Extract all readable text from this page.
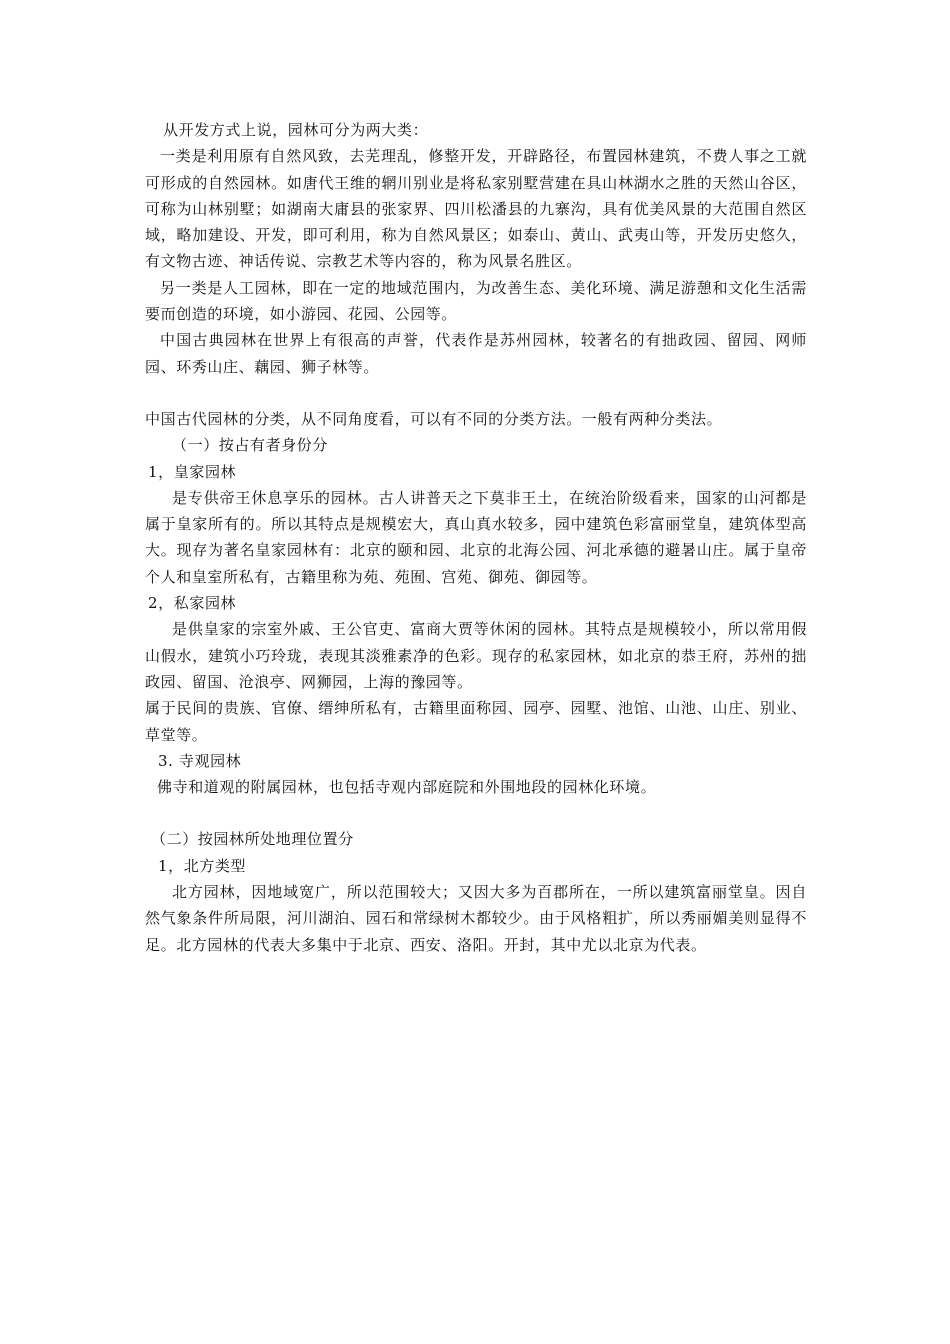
从开发方式上说，园林可分为两大类：

一类是利用原有自然风致，去芜理乱，修整开发，开辟路径，布置园林建筑，不费人事之工就可形成的自然园林。如唐代王维的辋川别业是将私家别墅营建在具山林湖水之胜的天然山谷区，可称为山林别墅；如湖南大庸县的张家界、四川松潘县的九寨沟，具有优美风景的大范围自然区域，略加建设、开发，即可利用，称为自然风景区；如泰山、黄山、武夷山等，开发历史悠久，有文物古迹、神话传说、宗教艺术等内容的，称为风景名胜区。

另一类是人工园林，即在一定的地域范围内，为改善生态、美化环境、满足游憩和文化生活需要而创造的环境，如小游园、花园、公园等。

中国古典园林在世界上有很高的声誉，代表作是苏州园林，较著名的有拙政园、留园、网师园、环秀山庄、藕园、狮子林等。

中国古代园林的分类，从不同角度看，可以有不同的分类方法。一般有两种分类法。

（一）按占有者身份分

1，皇家园林

是专供帝王休息享乐的园林。古人讲普天之下莫非王土，在统治阶级看来，国家的山河都是属于皇家所有的。所以其特点是规模宏大，真山真水较多，园中建筑色彩富丽堂皇，建筑体型高大。现存为著名皇家园林有：北京的颐和园、北京的北海公园、河北承德的避暑山庄。属于皇帝个人和皇室所私有，古籍里称为苑、苑囿、宫苑、御苑、御园等。

2，私家园林

是供皇家的宗室外戚、王公官吏、富商大贾等休闲的园林。其特点是规模较小，所以常用假山假水，建筑小巧玲珑，表现其淡雅素净的色彩。现存的私家园林，如北京的恭王府，苏州的拙政园、留国、沧浪亭、网狮园，上海的豫园等。

属于民间的贵族、官僚、缙绅所私有，古籍里面称园、园亭、园墅、池馆、山池、山庄、别业、草堂等。

3. 寺观园林

佛寺和道观的附属园林，也包括寺观内部庭院和外围地段的园林化环境。

（二）按园林所处地理位置分

1，北方类型

北方园林，因地域宽广，所以范围较大；又因大多为百郡所在，一所以建筑富丽堂皇。因自然气象条件所局限，河川湖泊、园石和常绿树木都较少。由于风格粗扩，所以秀丽媚美则显得不足。北方园林的代表大多集中于北京、西安、洛阳。开封，其中尤以北京为代表。
